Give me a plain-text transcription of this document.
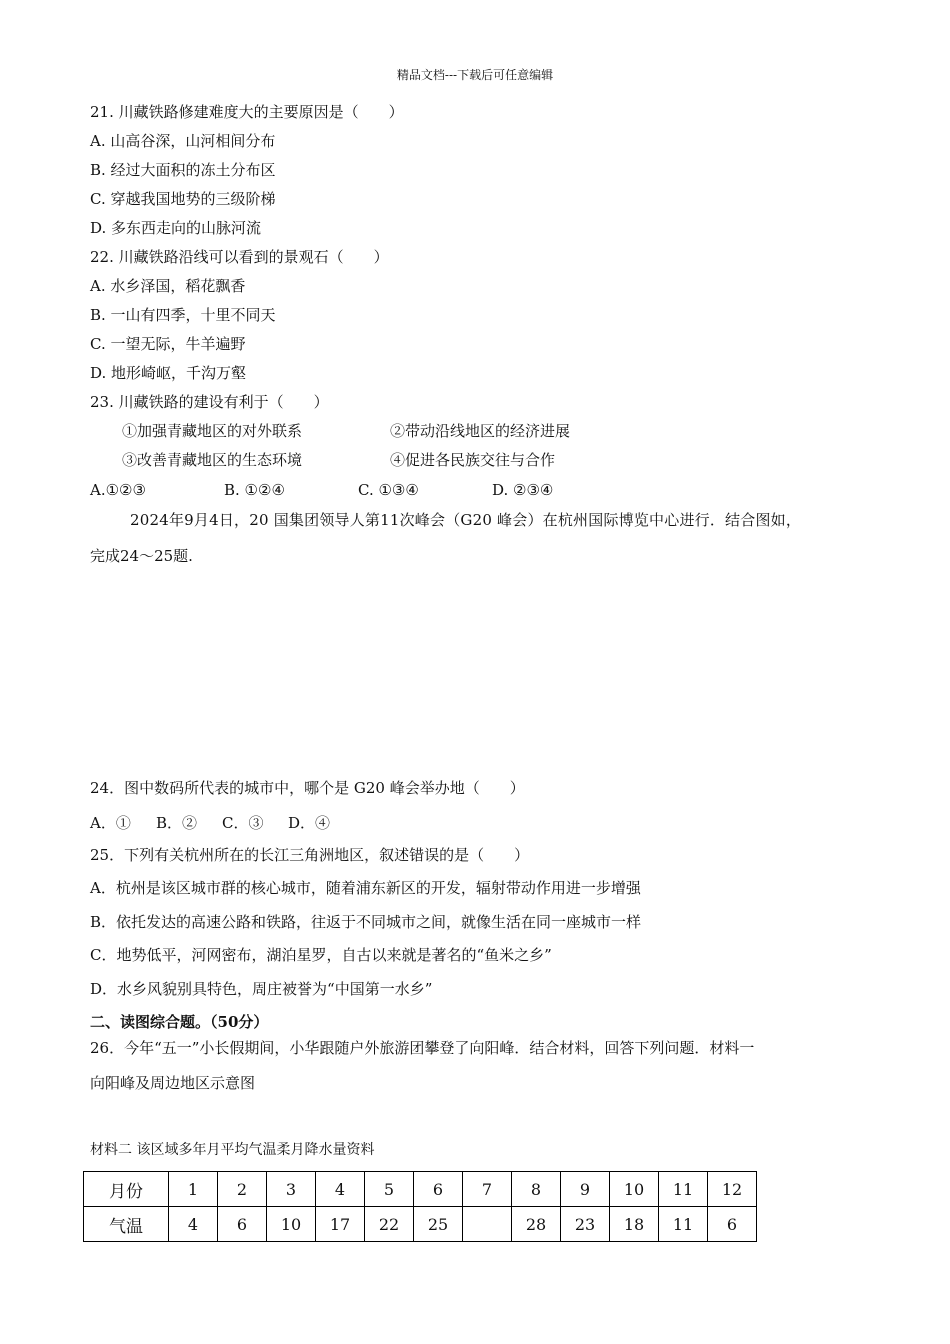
精品文档---下载后可任意编辑
21. 川藏铁路修建难度大的主要原因是（　　）
A. 山高谷深，山河相间分布
B. 经过大面积的冻土分布区
C. 穿越我国地势的三级阶梯
D. 多东西走向的山脉河流
22. 川藏铁路沿线可以看到的景观石（　　）
A. 水乡泽国，稻花飘香
B. 一山有四季，十里不同天
C. 一望无际，牛羊遍野
D. 地形崎岖，千沟万壑
23. 川藏铁路的建设有利于（　　）
①加强青藏地区的对外联系	②带动沿线地区的经济进展
③改善青藏地区的生态环境	④促进各民族交往与合作
A.①②③	B. ①②④	C. ①③④	D. ②③④
2024年9月4日，20 国集团领导人第11次峰会（G20 峰会）在杭州国际博览中心进行．结合图如，
完成24～25题.
24．图中数码所代表的城市中，哪个是 G20 峰会举办地（　　）
A．① B．② C．③ D．④
25．下列有关杭州所在的长江三角洲地区，叙述错误的是（　　）
A．杭州是该区城市群的核心城市，随着浦东新区的开发，辐射带动作用进一步增强
B．依托发达的高速公路和铁路，往返于不同城市之间，就像生活在同一座城市一样
C．地势低平，河网密布，湖泊星罗，自古以来就是著名的“鱼米之乡”
D．水乡风貌别具特色，周庄被誉为“中国第一水乡”
二、读图综合题。（50分）
26．今年“五一”小长假期间，小华跟随户外旅游团攀登了向阳峰．结合材料，回答下列问题．材料一
向阳峰及周边地区示意图
材料二 该区域多年月平均气温柔月降水量资料
月份	1	2	3	4	5	6	7	8	9	10	11	12
气温	4	6	10	17	22	25		28	23	18	11	6
